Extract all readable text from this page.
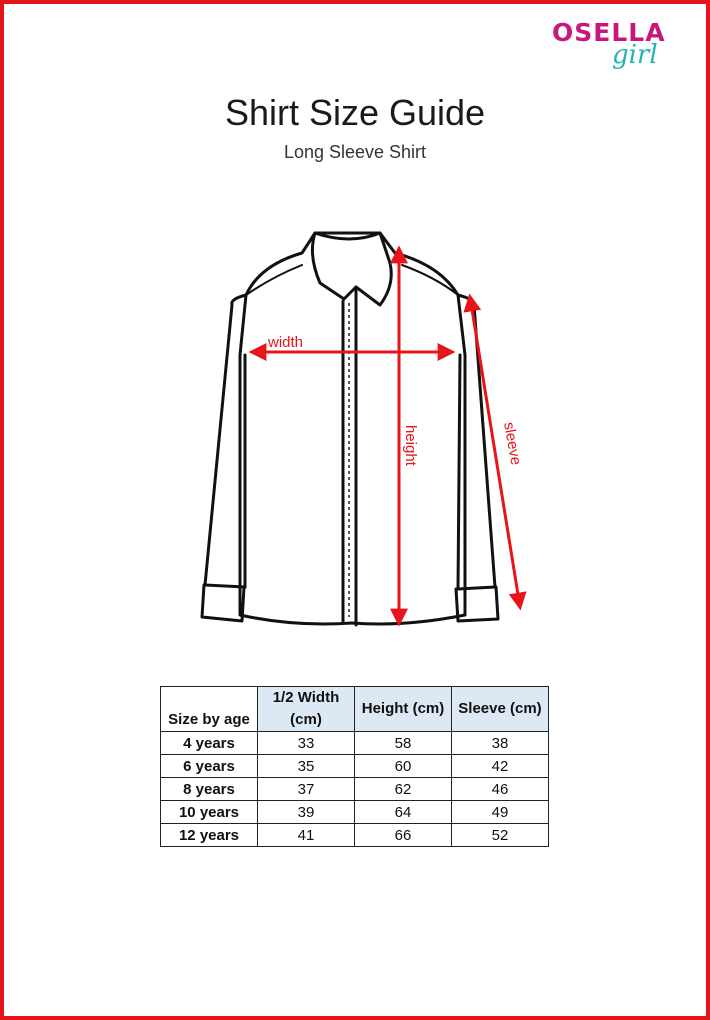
OSELLA
girl
Shirt Size Guide
Long Sleeve Shirt
width
height	sleeve
Size by age	1/2 Width (cm)	Height (cm)	Sleeve (cm)
4 years	33	58	38
6 years	35	60	42
8 years	37	62	46
10 years	39	64	49
12 years	41	66	52
